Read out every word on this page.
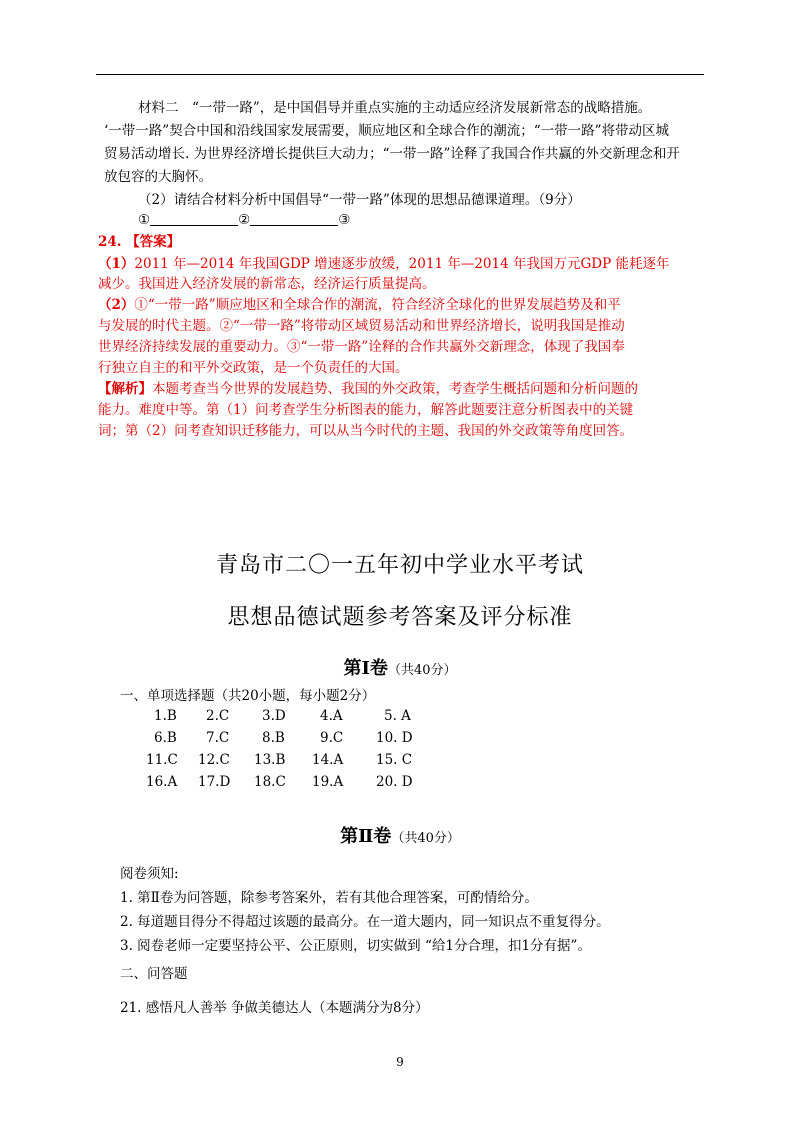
材料二　“一带一路”，是中国倡导并重点实施的主动适应经济发展新常态的战略措施。
‘一带一路”契合中国和沿线国家发展需要，顺应地区和全球合作的潮流；“一带一路”将带动区城
贸易活动增长. 为世界经济增长提供巨大动力；“一带一路”诠释了我国合作共赢的外交新理念和开
放包容的大胸怀。
（2）请结合材料分析中国倡导“一带一路”体现的思想品德课道理。（9分）
①	②	③
24. 【答案】
（1）2011 年—2014 年我国GDP 增速逐步放缓，2011 年—2014 年我国万元GDP 能耗逐年
减少。我国进入经济发展的新常态，经济运行质量提高。
（2）①“一带一路”顺应地区和全球合作的潮流，符合经济全球化的世界发展趋势及和平
与发展的时代主题。②“一带一路”将带动区域贸易活动和世界经济增长，说明我国是推动
世界经济持续发展的重要动力。③“一带一路”诠释的合作共赢外交新理念，体现了我国奉
行独立自主的和平外交政策，是一个负责任的大国。
【解析】本题考查当今世界的发展趋势、我国的外交政策，考查学生概括问题和分析问题的
能力。难度中等。第（1）问考查学生分析图表的能力，解答此题要注意分析图表中的关键
词；第（2）问考查知识迁移能力，可以从当今时代的主题、我国的外交政策等角度回答。
青岛市二〇一五年初中学业水平考试
思想品德试题参考答案及评分标准
第Ⅰ卷（共40分）
一、单项选择题（共20小题，每小题2分）
1.B 2.C 3.D	4.A	5. A
6.B 7.C 8.B	9.C 10. D
11.C 12.C 13.B 14.A 15. C
16.A 17.D 18.C 19.A 20. D
第Ⅱ卷（共40分）
阅卷须知:
1. 第Ⅱ卷为问答题，除参考答案外，若有其他合理答案，可酌情给分。
2. 每道题目得分不得超过该题的最高分。在一道大题内，同一知识点不重复得分。
3. 阅卷老师一定要坚持公平、公正原则，切实做到 “给1分合理，扣1分有据”。
二、问答题
21. 感悟凡人善举 争做美德达人（本题满分为8分）
9
